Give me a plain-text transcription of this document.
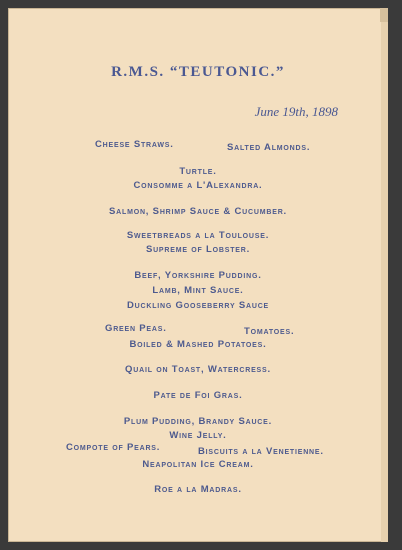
R.M.S. “TEUTONIC.”
June 19th, 1898
Cheese Straws.	Salted Almonds.
Turtle.
Consomme a L'Alexandra.
Salmon, Shrimp Sauce & Cucumber.
Sweetbreads a la Toulouse.
Supreme of Lobster.
Beef, Yorkshire Pudding.
Lamb, Mint Sauce.
Duckling Gooseberry Sauce
Green Peas.	Tomatoes.
Boiled & Mashed Potatoes.
Quail on Toast, Watercress.
Pate de Foi Gras.
Plum Pudding, Brandy Sauce.
Wine Jelly.
Compote of Pears.	Biscuits a la Venetienne.
Neapolitan Ice Cream.
Roe a la Madras.
